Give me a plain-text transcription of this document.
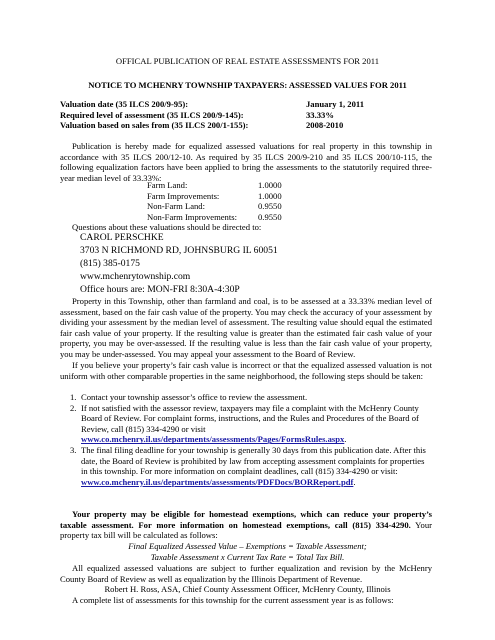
OFFICAL PUBLICATION OF REAL ESTATE ASSESSMENTS FOR 2011
NOTICE TO MCHENRY TOWNSHIP TAXPAYERS: ASSESSED VALUES FOR 2011
Valuation date (35 ILCS 200/9-95):	January 1, 2011
Required level of assessment (35 ILCS 200/9-145):	33.33%
Valuation based on sales from (35 ILCS 200/1-155):	2008-2010

Publication is hereby made for equalized assessed valuations for real property in this township in accordance with 35 ILCS 200/12-10. As required by 35 ILCS 200/9-210 and 35 ILCS 200/10-115, the following equalization factors have been applied to bring the assessments to the statutorily required three-year median level of 33.33%:

Farm Land:	1.0000
Farm Improvements:	1.0000
Non-Farm Land:	0.9550
Non-Farm Improvements: 0.9550
Questions about these valuations should be directed to:
CAROL PERSCHKE
3703 N RICHMOND RD, JOHNSBURG IL 60051
(815) 385-0175
www.mchenrytownship.com
Office hours are: MON-FRI 8:30A-4:30P

Property in this Township, other than farmland and coal, is to be assessed at a 33.33% median level of assessment, based on the fair cash value of the property. You may check the accuracy of your assessment by dividing your assessment by the median level of assessment. The resulting value should equal the estimated fair cash value of your property. If the resulting value is greater than the estimated fair cash value of your property, you may be over-assessed. If the resulting value is less than the fair cash value of your property, you may be under-assessed. You may appeal your assessment to the Board of Review.

If you believe your property’s fair cash value is incorrect or that the equalized assessed valuation is not uniform with other comparable properties in the same neighborhood, the following steps should be taken:

1. Contact your township assessor’s office to review the assessment.
2. If not satisfied with the assessor review, taxpayers may file a complaint with the McHenry County Board of Review. For complaint forms, instructions, and the Rules and Procedures of the Board of Review, call (815) 334-4290 or visit
www.co.mchenry.il.us/departments/assessments/Pages/FormsRules.aspx.
3. The final filing deadline for your township is generally 30 days from this publication date. After this date, the Board of Review is prohibited by law from accepting assessment complaints for properties in this township. For more information on complaint deadlines, call (815) 334-4290 or visit: www.co.mchenry.il.us/departments/assessments/PDFDocs/BORReport.pdf.

Your property may be eligible for homestead exemptions, which can reduce your property’s taxable assessment. For more information on homestead exemptions, call (815) 334-4290. Your property tax bill will be calculated as follows:

Final Equalized Assessed Value – Exemptions = Taxable Assessment;
Taxable Assessment x Current Tax Rate = Total Tax Bill.

All equalized assessed valuations are subject to further equalization and revision by the McHenry County Board of Review as well as equalization by the Illinois Department of Revenue.

Robert H. Ross, ASA, Chief County Assessment Officer, McHenry County, Illinois
A complete list of assessments for this township for the current assessment year is as follows:
